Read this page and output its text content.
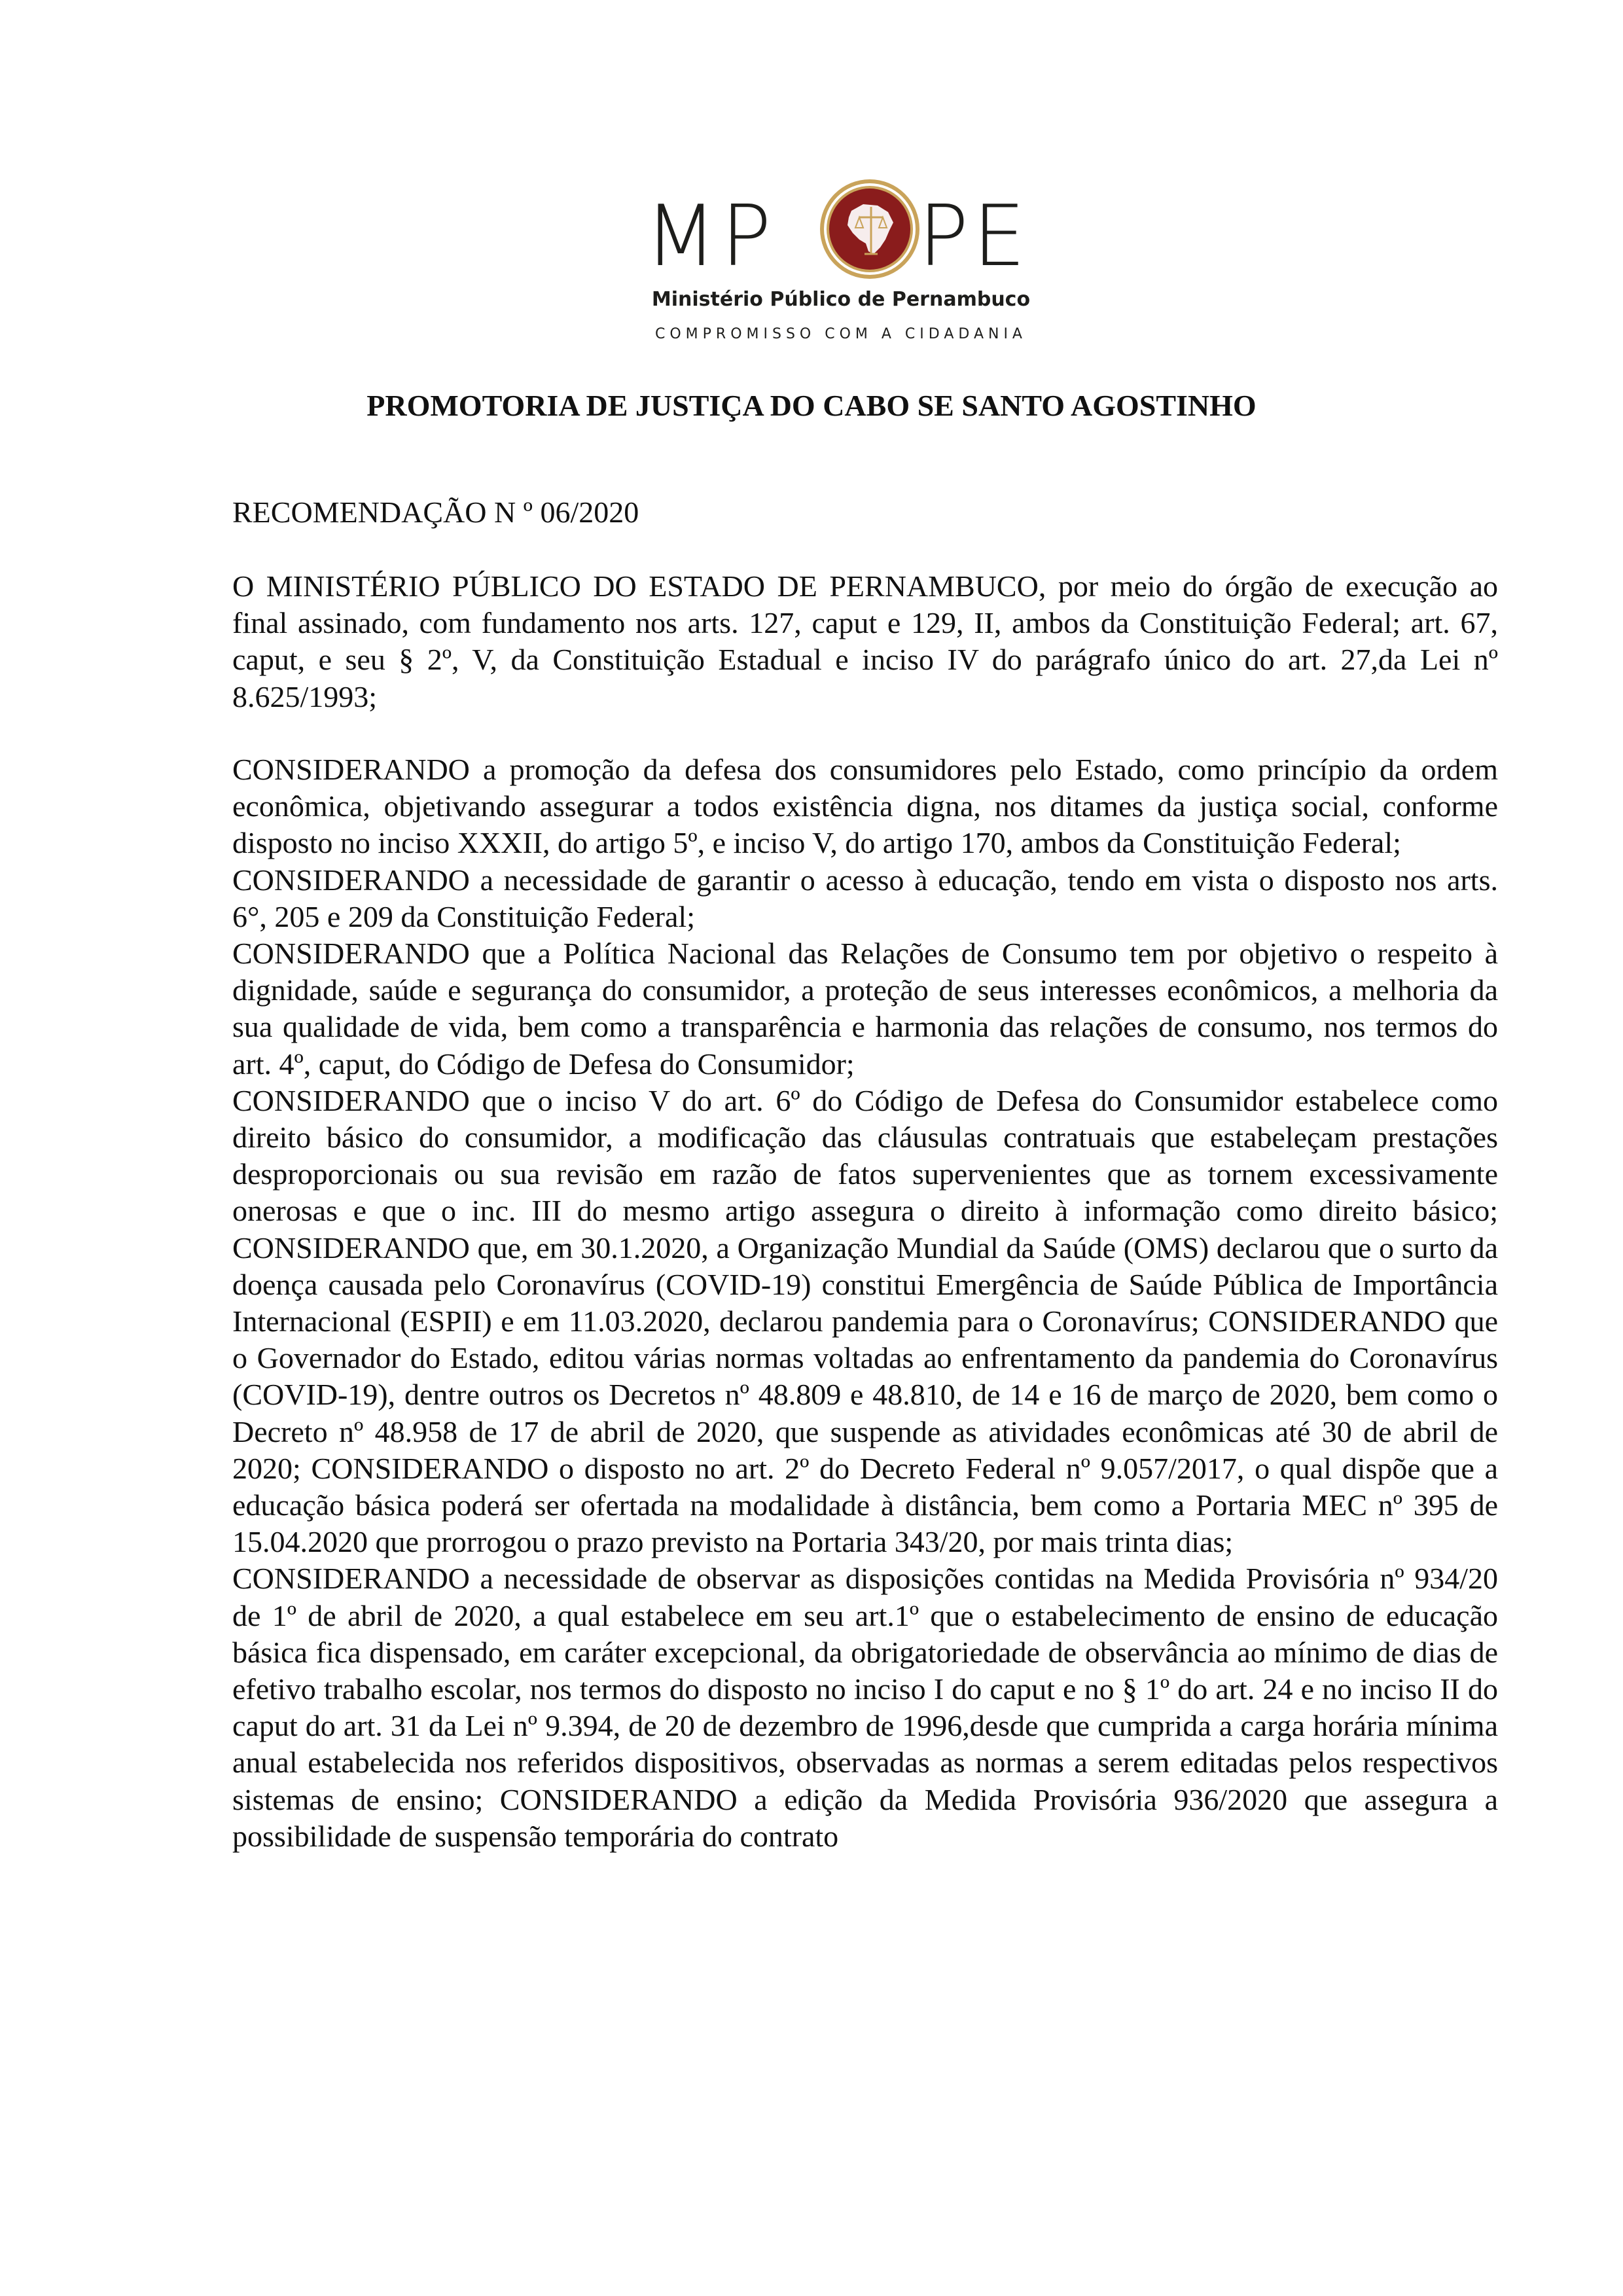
MP PE
Ministério Público de Pernambuco
COMPROMISSO COM A CIDADANIA
PROMOTORIA DE JUSTIÇA DO CABO SE SANTO AGOSTINHO
RECOMENDAÇÃO N º 06/2020

O MINISTÉRIO PÚBLICO DO ESTADO DE PERNAMBUCO, por meio do órgão de execução ao final assinado, com fundamento nos arts. 127, caput e 129, II, ambos da Constituição Federal; art. 67, caput, e seu § 2º, V, da Constituição Estadual e inciso IV do parágrafo único do art. 27,da Lei nº 8.625/1993;

CONSIDERANDO a promoção da defesa dos consumidores pelo Estado, como princípio da ordem econômica, objetivando assegurar a todos existência digna, nos ditames da justiça social, conforme disposto no inciso XXXII, do artigo 5º, e inciso V, do artigo 170, ambos da Constituição Federal;

CONSIDERANDO a necessidade de garantir o acesso à educação, tendo em vista o disposto nos arts. 6°, 205 e 209 da Constituição Federal;

CONSIDERANDO que a Política Nacional das Relações de Consumo tem por objetivo o respeito à dignidade, saúde e segurança do consumidor, a proteção de seus interesses econômicos, a melhoria da sua qualidade de vida, bem como a transparência e harmonia das relações de consumo, nos termos do art. 4º, caput, do Código de Defesa do Consumidor;

CONSIDERANDO que o inciso V do art. 6º do Código de Defesa do Consumidor estabelece como direito básico do consumidor, a modificação das cláusulas contratuais que estabeleçam prestações desproporcionais ou sua revisão em razão de fatos supervenientes que as tornem excessivamente onerosas e que o inc. III do mesmo artigo assegura o direito à informação como direito básico; CONSIDERANDO que, em 30.1.2020, a Organização Mundial da Saúde (OMS) declarou que o surto da doença causada pelo Coronavírus (COVID-19) constitui Emergência de Saúde Pública de Importância Internacional (ESPII) e em 11.03.2020, declarou pandemia para o Coronavírus; CONSIDERANDO que o Governador do Estado, editou várias normas voltadas ao enfrentamento da pandemia do Coronavírus (COVID-19), dentre outros os Decretos nº 48.809 e 48.810, de 14 e 16 de março de 2020, bem como o Decreto nº 48.958 de 17 de abril de 2020, que suspende as atividades econômicas até 30 de abril de 2020; CONSIDERANDO o disposto no art. 2º do Decreto Federal nº 9.057/2017, o qual dispõe que a educação básica poderá ser ofertada na modalidade à distância, bem como a Portaria MEC nº 395 de 15.04.2020 que prorrogou o prazo previsto na Portaria 343/20, por mais trinta dias;

CONSIDERANDO a necessidade de observar as disposições contidas na Medida Provisória nº 934/20 de 1º de abril de 2020, a qual estabelece em seu art.1º que o estabelecimento de ensino de educação básica fica dispensado, em caráter excepcional, da obrigatoriedade de observância ao mínimo de dias de efetivo trabalho escolar, nos termos do disposto no inciso I do caput e no § 1º do art. 24 e no inciso II do caput do art. 31 da Lei nº 9.394, de 20 de dezembro de 1996,desde que cumprida a carga horária mínima anual estabelecida nos referidos dispositivos, observadas as normas a serem editadas pelos respectivos sistemas de ensino; CONSIDERANDO a edição da Medida Provisória 936/2020 que assegura a possibilidade de suspensão temporária do contrato
